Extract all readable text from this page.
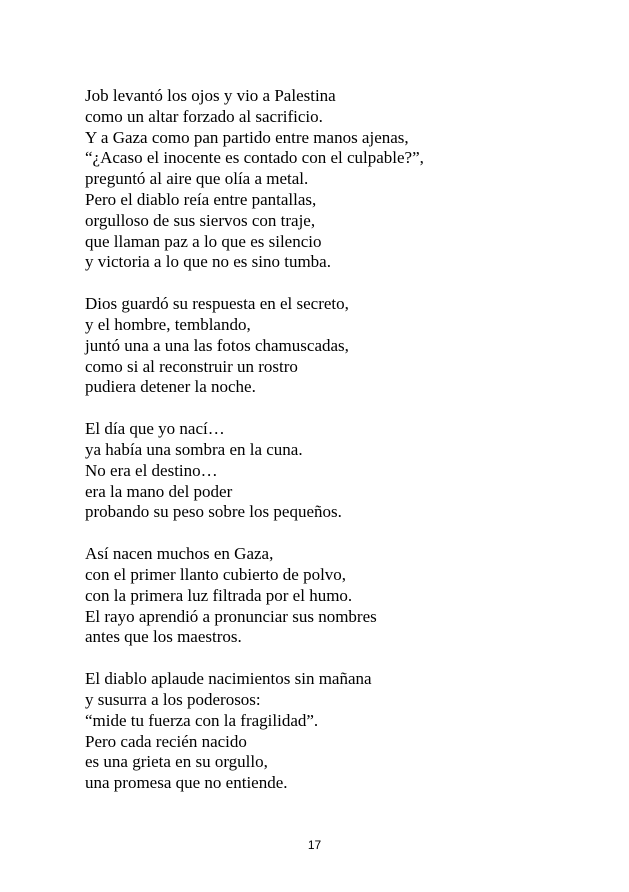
Job levantó los ojos y vio a Palestina
como un altar forzado al sacrificio.
Y a Gaza como pan partido entre manos ajenas,
“¿Acaso el inocente es contado con el culpable?”,
preguntó al aire que olía a metal.
Pero el diablo reía entre pantallas,
orgulloso de sus siervos con traje,
que llaman paz a lo que es silencio
y victoria a lo que no es sino tumba.
Dios guardó su respuesta en el secreto,
y el hombre, temblando,
juntó una a una las fotos chamuscadas,
como si al reconstruir un rostro
pudiera detener la noche.
El día que yo nací…
ya había una sombra en la cuna.
No era el destino…
era la mano del poder
probando su peso sobre los pequeños.
Así nacen muchos en Gaza,
con el primer llanto cubierto de polvo,
con la primera luz filtrada por el humo.
El rayo aprendió a pronunciar sus nombres
antes que los maestros.
El diablo aplaude nacimientos sin mañana
y susurra a los poderosos:
“mide tu fuerza con la fragilidad”.
Pero cada recién nacido
es una grieta en su orgullo,
una promesa que no entiende.
17
